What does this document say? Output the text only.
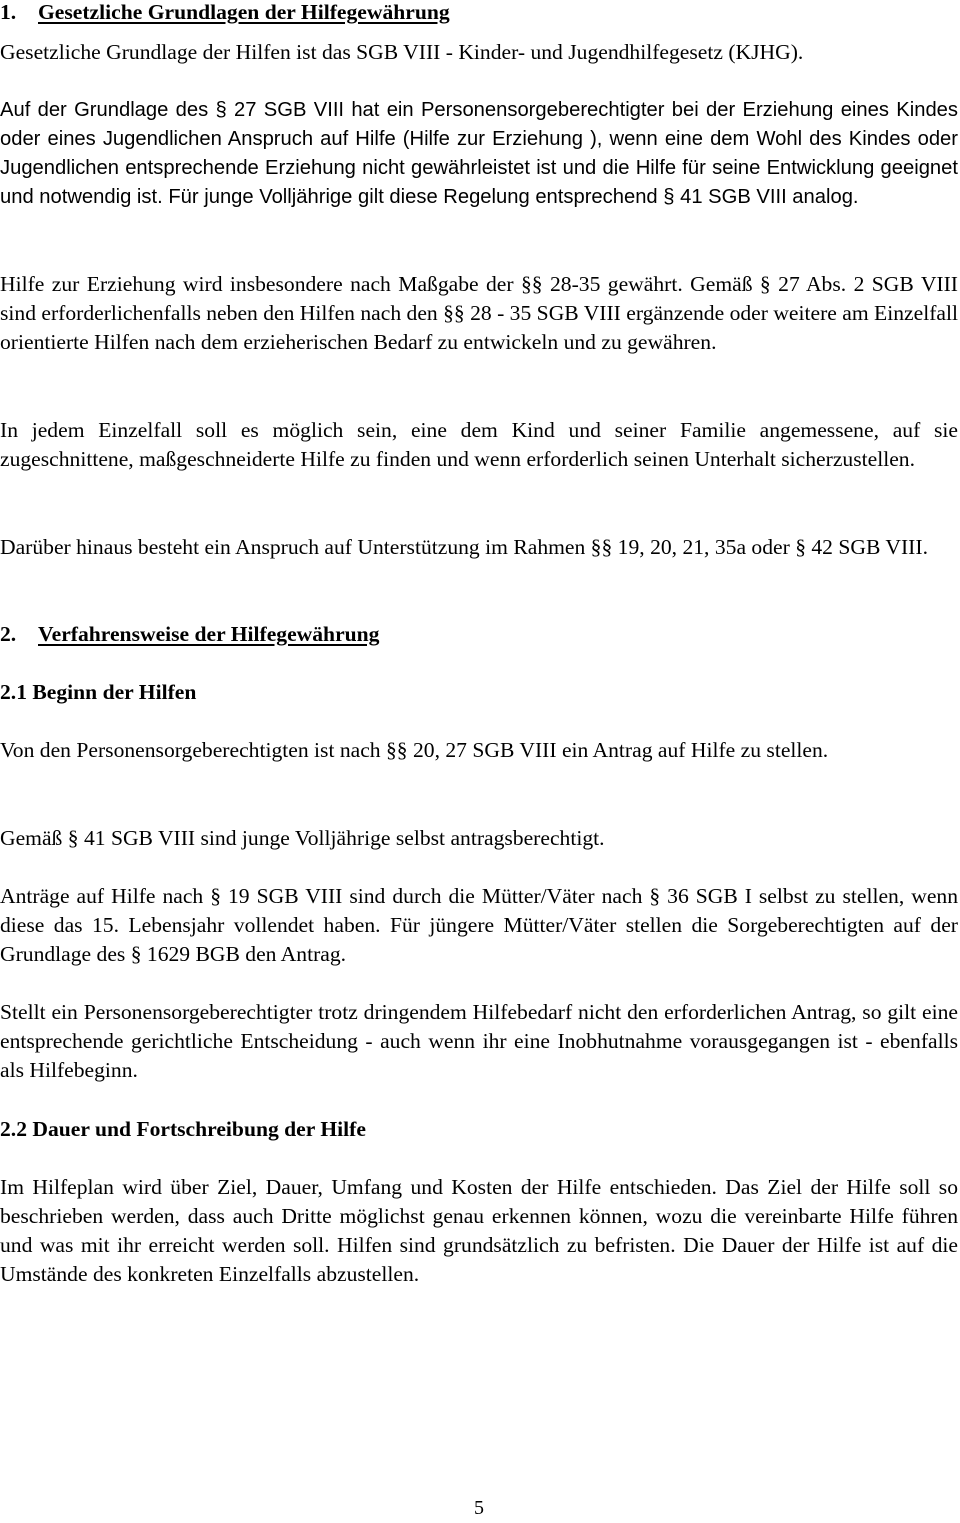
1. Gesetzliche Grundlagen der Hilfegewährung

Gesetzliche Grundlage der Hilfen ist das SGB VIII - Kinder- und Jugendhilfegesetz (KJHG).

Auf der Grundlage des § 27 SGB VIII hat ein Personensorgeberechtigter bei der Erziehung eines Kindes oder eines Jugendlichen Anspruch auf Hilfe (Hilfe zur Erziehung ), wenn eine dem Wohl des Kindes oder Jugendlichen entsprechende Erziehung nicht gewährleistet ist und die Hilfe für seine Entwicklung geeignet und notwendig ist. Für junge Volljährige gilt diese Regelung entsprechend § 41 SGB VIII analog.

Hilfe zur Erziehung wird insbesondere nach Maßgabe der §§ 28-35 gewährt. Gemäß § 27 Abs. 2 SGB VIII sind erforderlichenfalls neben den Hilfen nach den §§ 28 - 35 SGB VIII ergänzende oder weitere am Einzelfall orientierte Hilfen nach dem erzieherischen Bedarf zu entwickeln und zu gewähren.

In jedem Einzelfall soll es möglich sein, eine dem Kind und seiner Familie angemessene, auf sie zugeschnittene, maßgeschneiderte Hilfe zu finden und wenn erforderlich seinen Unterhalt sicherzustellen.

Darüber hinaus besteht ein Anspruch auf Unterstützung im Rahmen §§ 19, 20, 21, 35a oder § 42 SGB VIII.

2. Verfahrensweise der Hilfegewährung
2.1 Beginn der Hilfen

Von den Personensorgeberechtigten ist nach §§ 20, 27 SGB VIII ein Antrag auf Hilfe zu stellen.

Gemäß § 41 SGB VIII sind junge Volljährige selbst antragsberechtigt.

Anträge auf Hilfe nach § 19 SGB VIII sind durch die Mütter/Väter nach § 36 SGB I selbst zu stellen, wenn diese das 15. Lebensjahr vollendet haben. Für jüngere Mütter/Väter stellen die Sorgeberechtigten auf der Grundlage des § 1629 BGB den Antrag.

Stellt ein Personensorgeberechtigter trotz dringendem Hilfebedarf nicht den erforderlichen Antrag, so gilt eine entsprechende gerichtliche Entscheidung - auch wenn ihr eine Inobhutnahme vorausgegangen ist - ebenfalls als Hilfebeginn.

2.2 Dauer und Fortschreibung der Hilfe

Im Hilfeplan wird über Ziel, Dauer, Umfang und Kosten der Hilfe entschieden. Das Ziel der Hilfe soll so beschrieben werden, dass auch Dritte möglichst genau erkennen können, wozu die vereinbarte Hilfe führen und was mit ihr erreicht werden soll. Hilfen sind grundsätzlich zu befristen. Die Dauer der Hilfe ist auf die Umstände des konkreten Einzelfalls abzustellen.

5
